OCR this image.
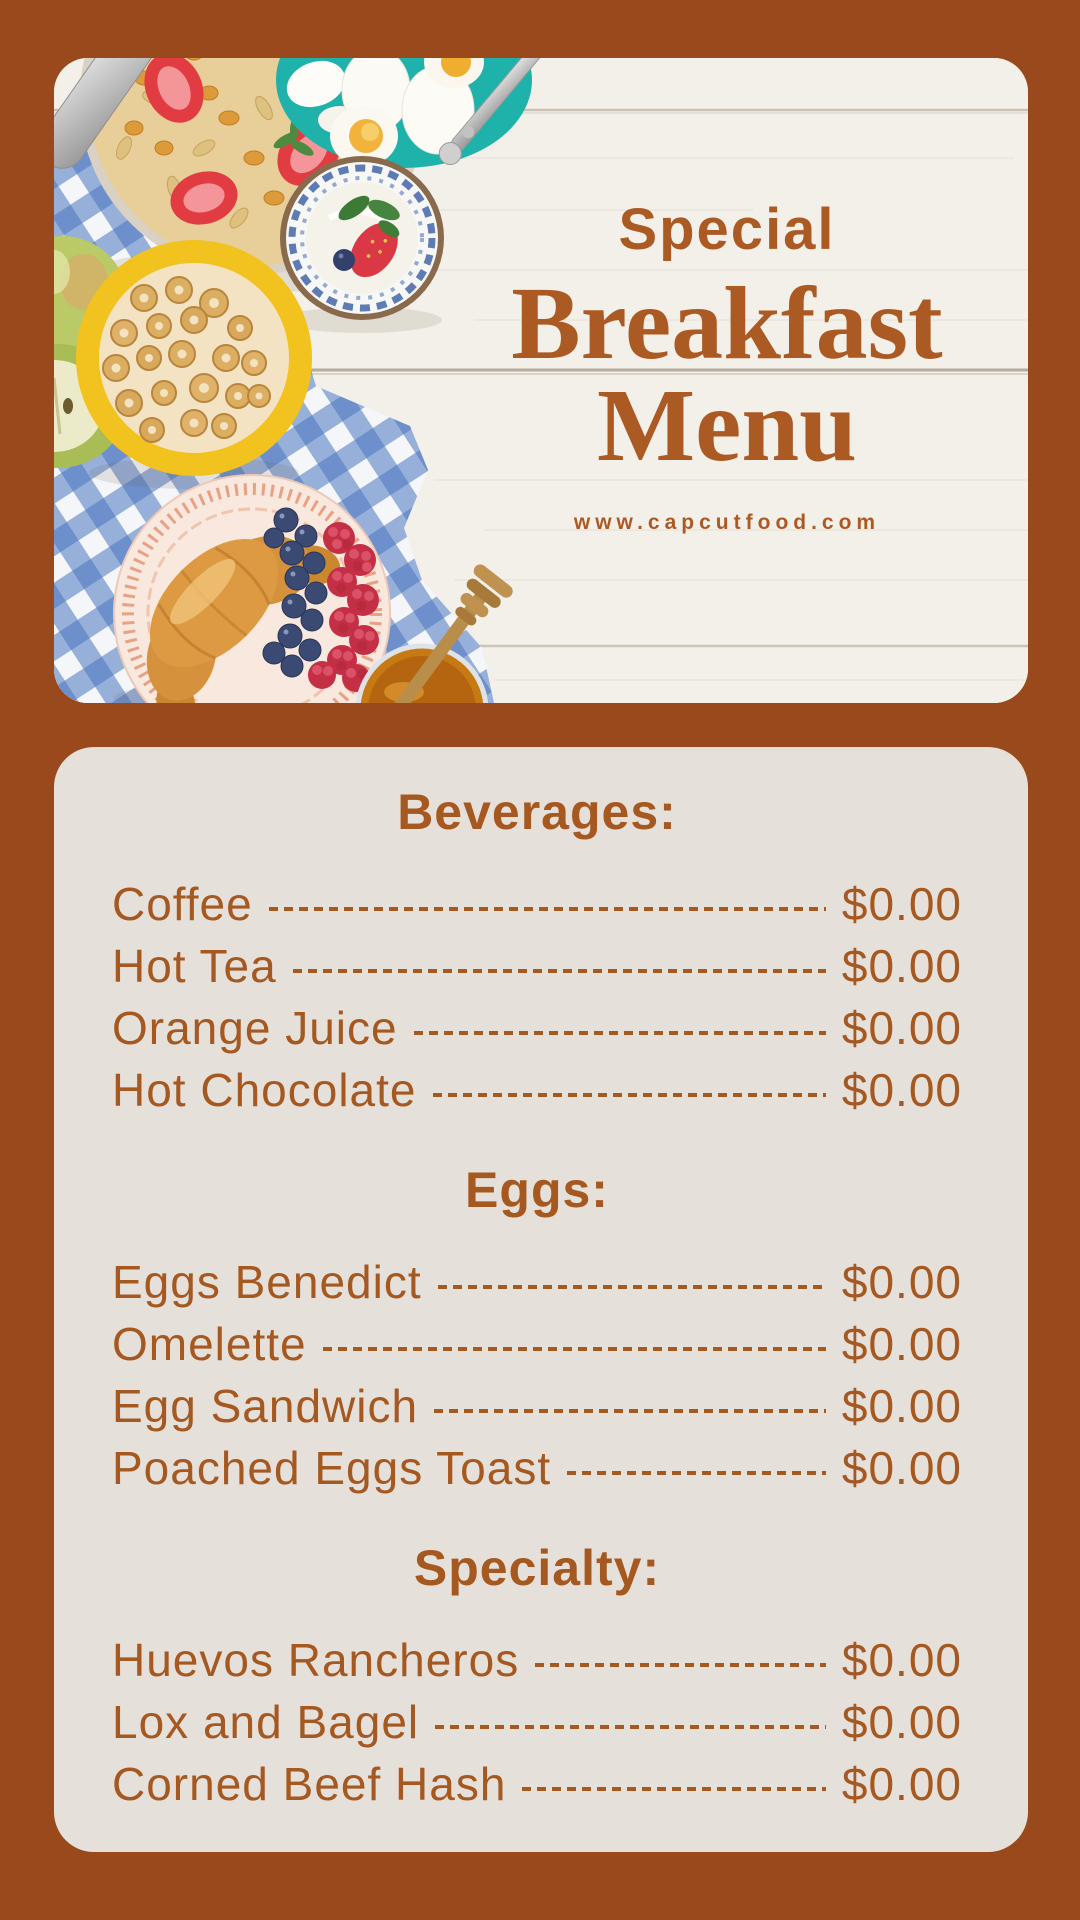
Special
Breakfast
Menu
www.capcutfood.com
Beverages:
Coffee	$0.00
Hot Tea	$0.00
Orange Juice	$0.00
Hot Chocolate	$0.00
Eggs:
Eggs Benedict	$0.00
Omelette	$0.00
Egg Sandwich	$0.00
Poached Eggs Toast	$0.00
Specialty:
Huevos Rancheros	$0.00
Lox and Bagel	$0.00
Corned Beef Hash	$0.00
